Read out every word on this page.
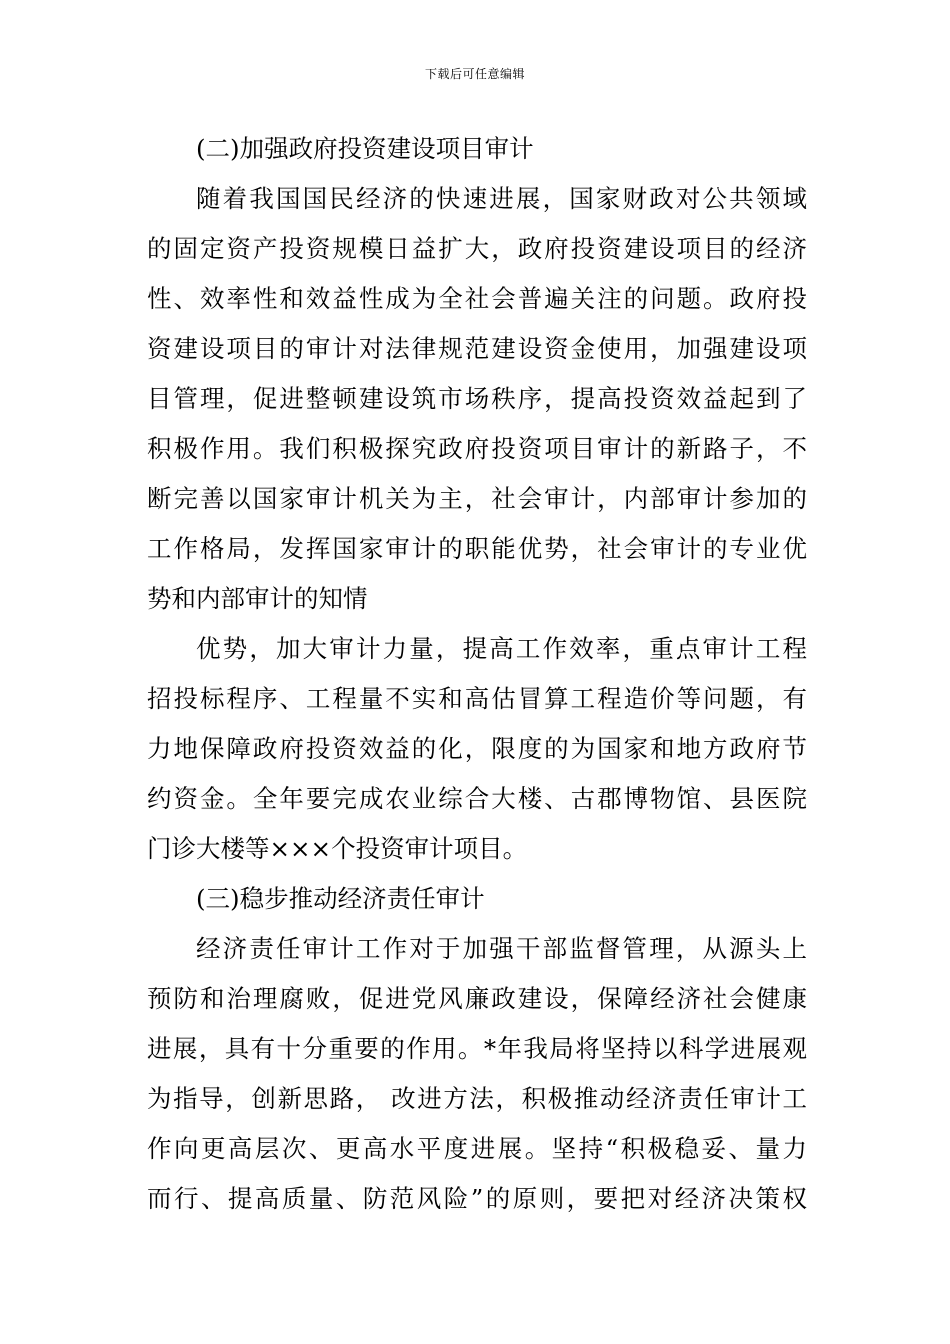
下载后可任意编辑
(二)加强政府投资建设项目审计
随着我国国民经济的快速进展，国家财政对公共领域
的固定资产投资规模日益扩大，政府投资建设项目的经济
性、效率性和效益性成为全社会普遍关注的问题。政府投
资建设项目的审计对法律规范建设资金使用，加强建设项
目管理，促进整顿建设筑市场秩序，提高投资效益起到了
积极作用。我们积极探究政府投资项目审计的新路子，不
断完善以国家审计机关为主，社会审计，内部审计参加的
工作格局，发挥国家审计的职能优势，社会审计的专业优
势和内部审计的知情
优势，加大审计力量，提高工作效率，重点审计工程
招投标程序、工程量不实和高估冒算工程造价等问题，有
力地保障政府投资效益的化，限度的为国家和地方政府节
约资金。全年要完成农业综合大楼、古郡博物馆、县医院
门诊大楼等×××个投资审计项目。
(三)稳步推动经济责任审计
经济责任审计工作对于加强干部监督管理，从源头上
预防和治理腐败，促进党风廉政建设，保障经济社会健康
进展，具有十分重要的作用。*年我局将坚持以科学进展观
为指导，创新思路， 改进方法，积极推动经济责任审计工
作向更高层次、更高水平度进展。坚持“积极稳妥、量力
而行、提高质量、防范风险”的原则，要把对经济决策权
